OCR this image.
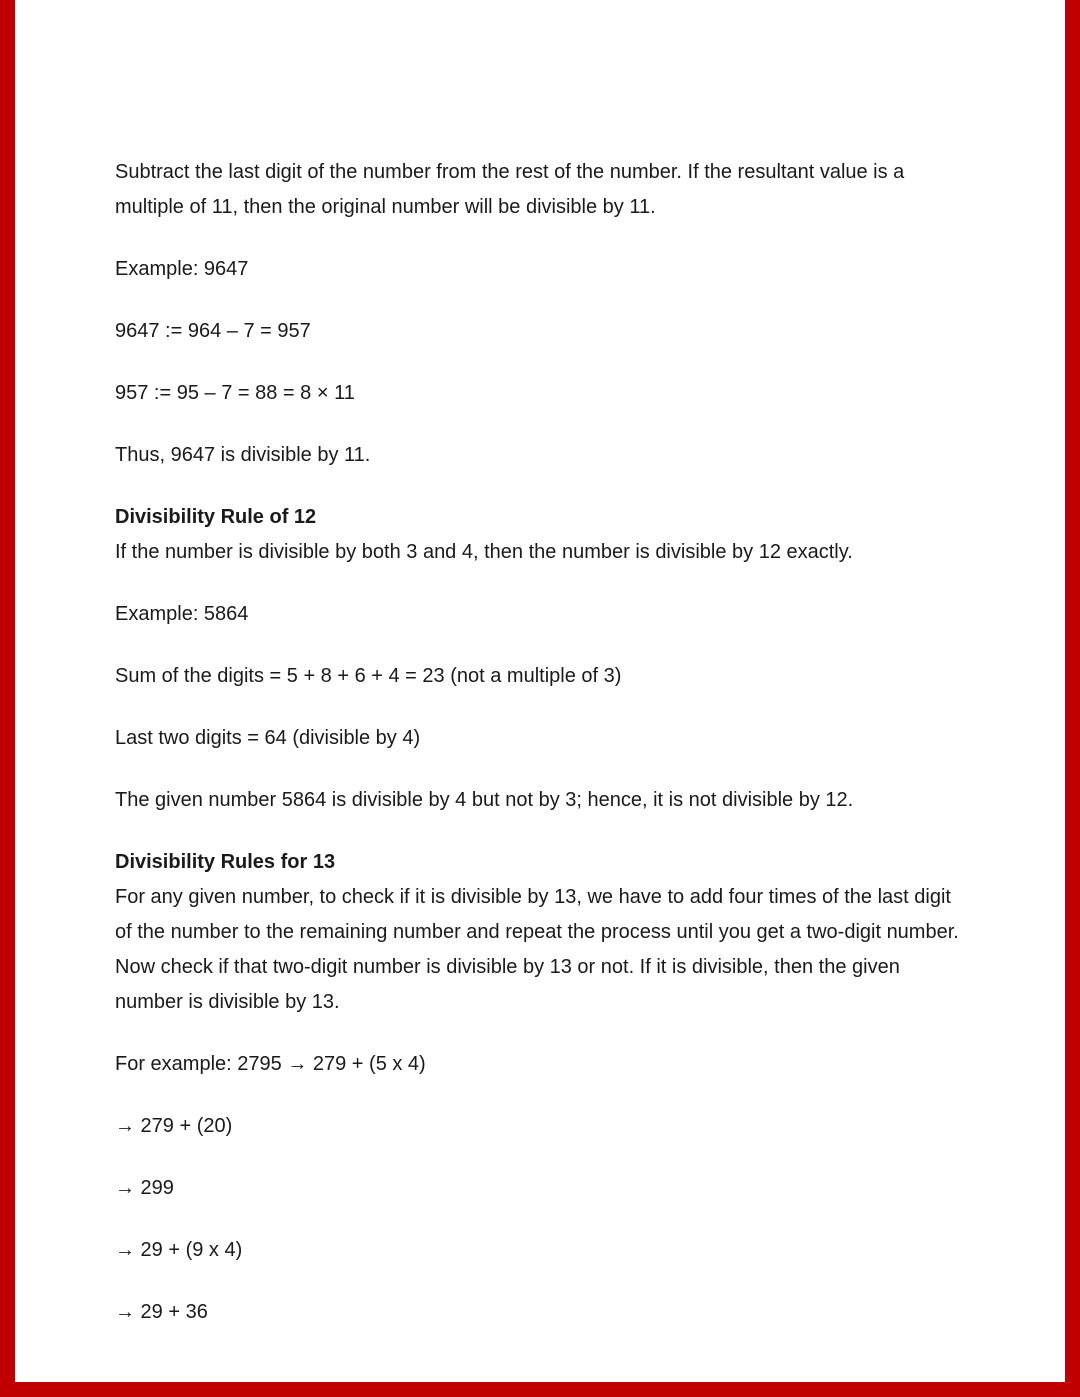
Subtract the last digit of the number from the rest of the number. If the resultant value is a multiple of 11, then the original number will be divisible by 11.

Example: 9647

9647 := 964 – 7 = 957

957 := 95 – 7 = 88 = 8 × 11

Thus, 9647 is divisible by 11.

Divisibility Rule of 12

If the number is divisible by both 3 and 4, then the number is divisible by 12 exactly.

Example: 5864

Sum of the digits = 5 + 8 + 6 + 4 = 23 (not a multiple of 3)

Last two digits = 64 (divisible by 4)

The given number 5864 is divisible by 4 but not by 3; hence, it is not divisible by 12.

Divisibility Rules for 13

For any given number, to check if it is divisible by 13, we have to add four times of the last digit of the number to the remaining number and repeat the process until you get a two-digit number. Now check if that two-digit number is divisible by 13 or not. If it is divisible, then the given number is divisible by 13.

For example: 2795 → 279 + (5 x 4)

→ 279 + (20)

→ 299

→ 29 + (9 x 4)

→ 29 + 36
